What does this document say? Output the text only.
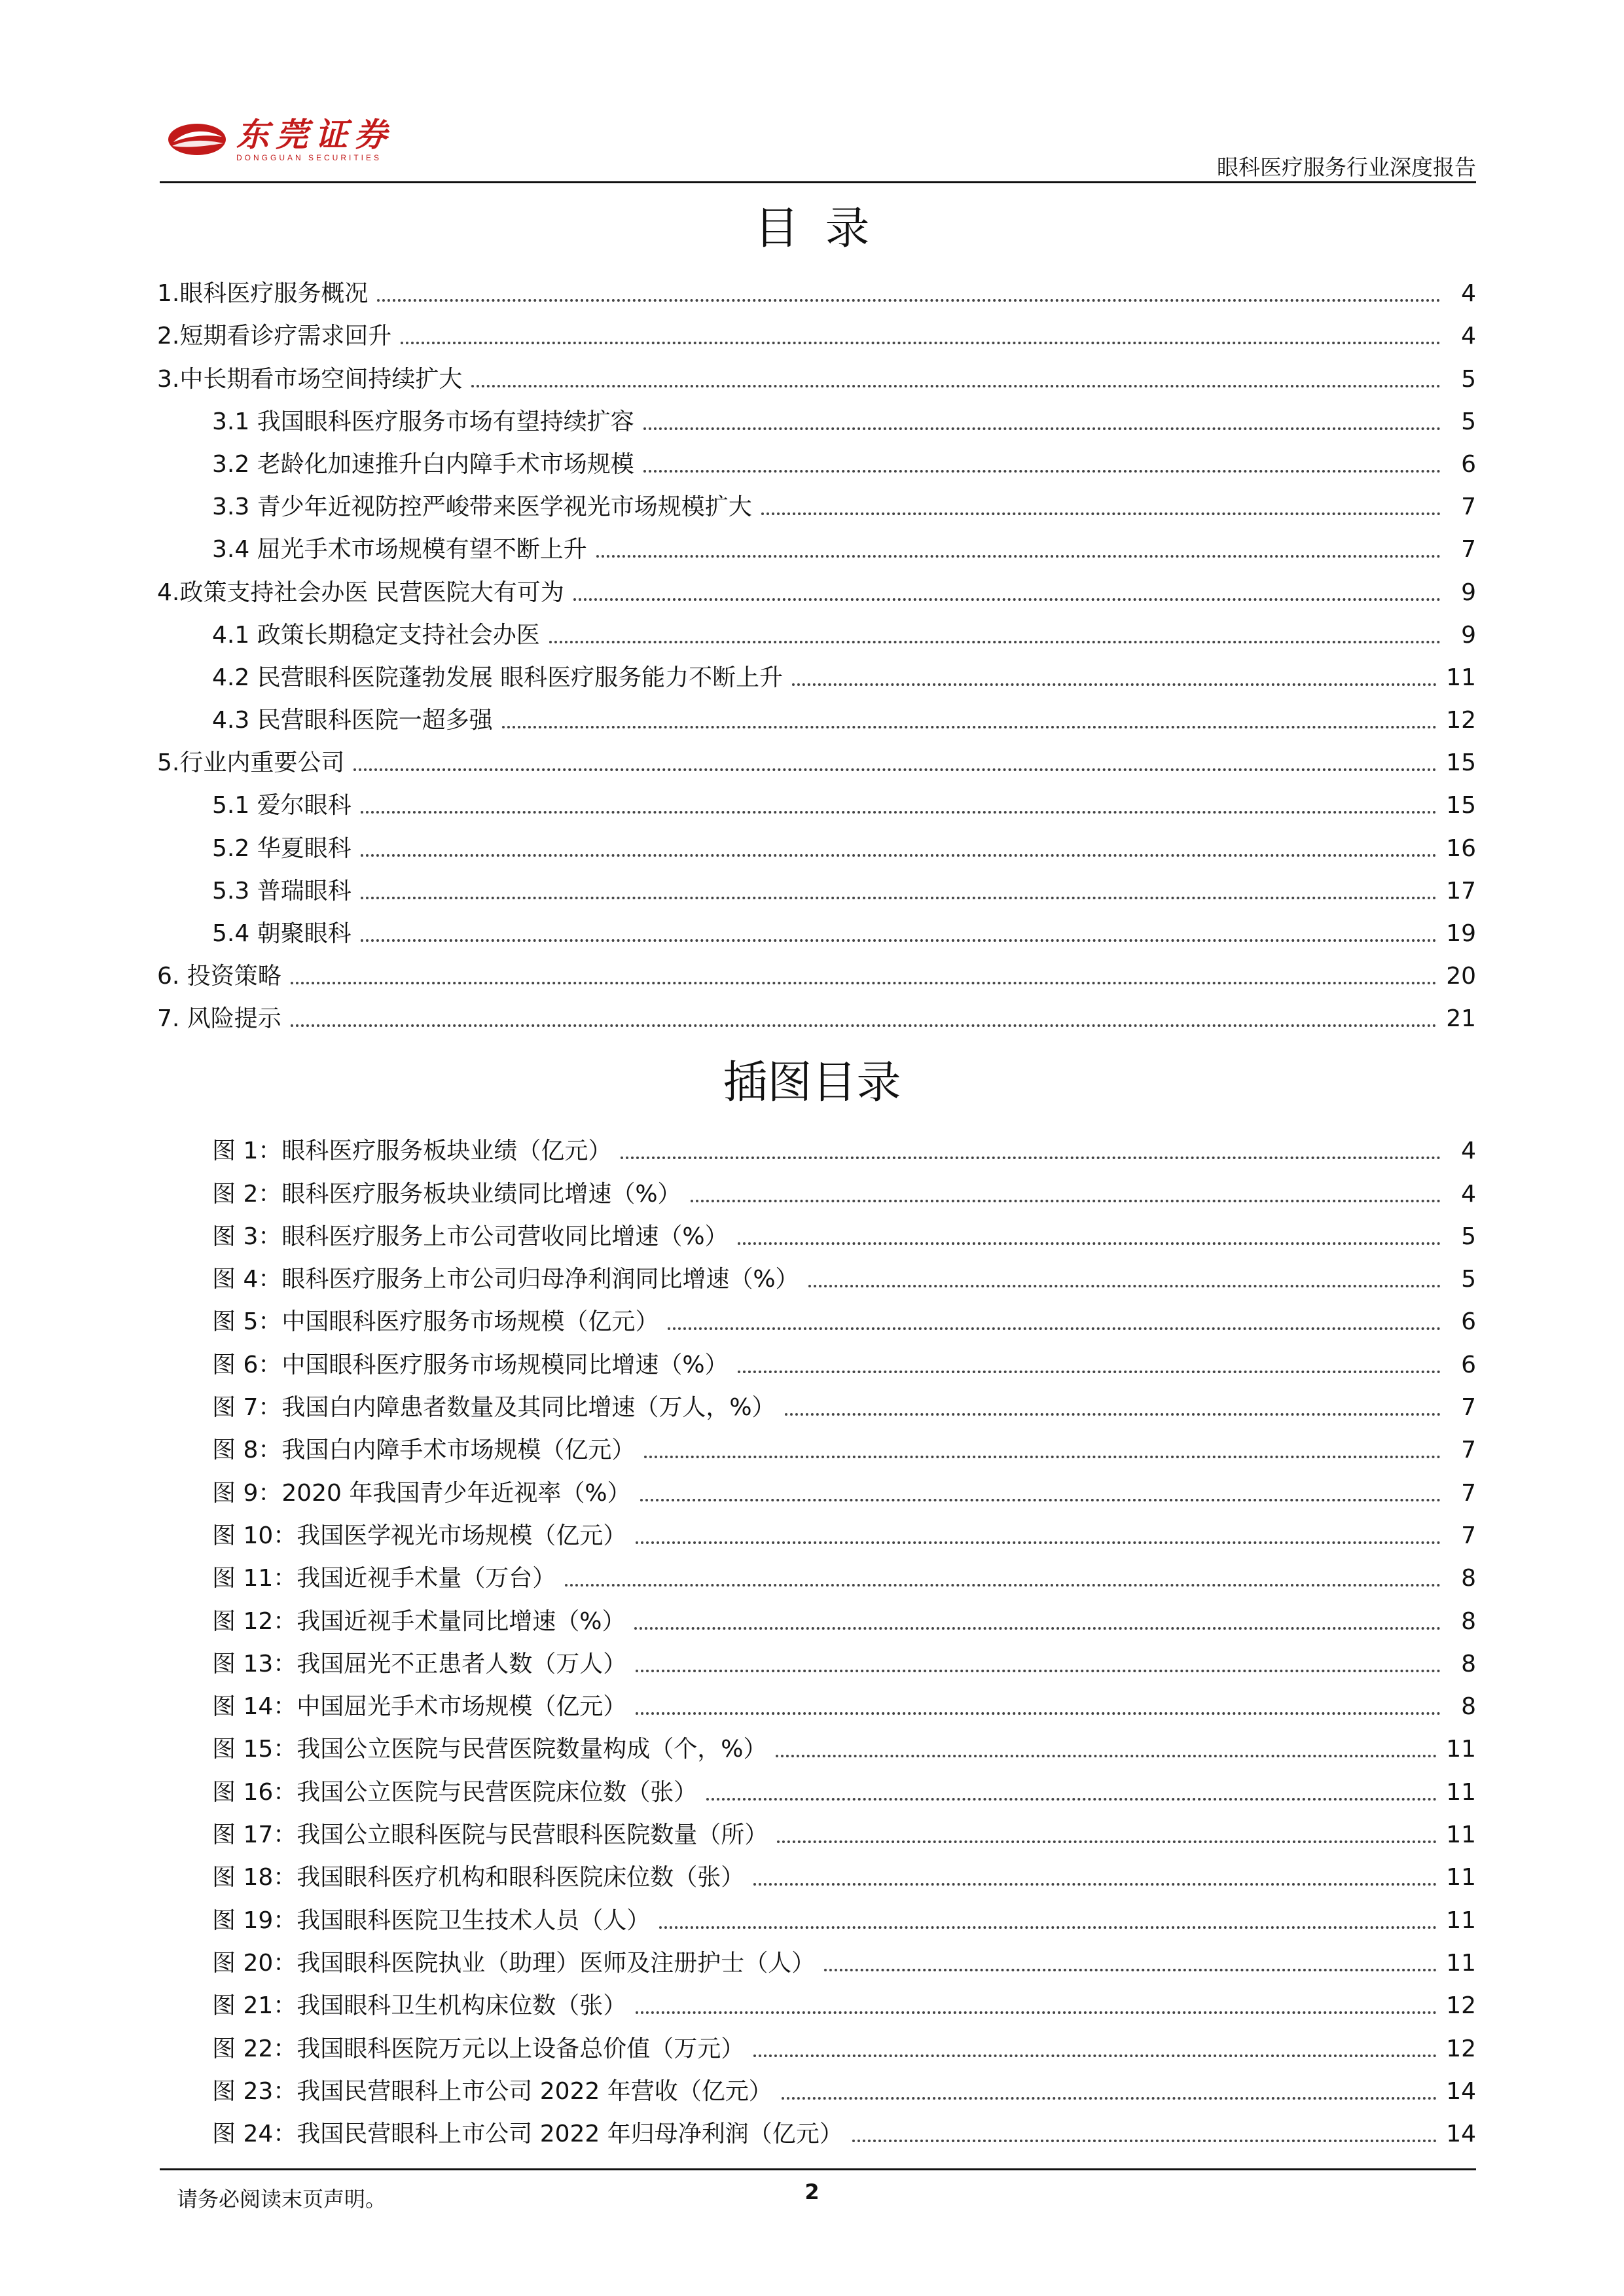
东莞证券
DONGGUAN SECURITIES	眼科医疗服务行业深度报告
目录
1.眼科医疗服务概况	4
2.短期看诊疗需求回升	4
3.中长期看市场空间持续扩大	5
3.1 我国眼科医疗服务市场有望持续扩容	5
3.2 老龄化加速推升白内障手术市场规模	6
3.3 青少年近视防控严峻带来医学视光市场规模扩大	7
3.4 屈光手术市场规模有望不断上升	7
4.政策支持社会办医 民营医院大有可为	9
4.1 政策长期稳定支持社会办医	9
4.2 民营眼科医院蓬勃发展 眼科医疗服务能力不断上升	11
4.3 民营眼科医院一超多强	12
5.行业内重要公司	15
5.1 爱尔眼科	15
5.2 华夏眼科	16
5.3 普瑞眼科	17
5.4 朝聚眼科	19
6. 投资策略	20
7. 风险提示	21
插图目录
图 1：眼科医疗服务板块业绩（亿元）	4
图 2：眼科医疗服务板块业绩同比增速（%）	4
图 3：眼科医疗服务上市公司营收同比增速（%）	5
图 4：眼科医疗服务上市公司归母净利润同比增速（%）	5
图 5：中国眼科医疗服务市场规模（亿元）	6
图 6：中国眼科医疗服务市场规模同比增速（%）	6
图 7：我国白内障患者数量及其同比增速（万人，%）	7
图 8：我国白内障手术市场规模（亿元）	7
图 9：2020 年我国青少年近视率（%）	7
图 10：我国医学视光市场规模（亿元）	7
图 11：我国近视手术量（万台）	8
图 12：我国近视手术量同比增速（%）	8
图 13：我国屈光不正患者人数（万人）	8
图 14：中国屈光手术市场规模（亿元）	8
图 15：我国公立医院与民营医院数量构成（个，%）	11
图 16：我国公立医院与民营医院床位数（张）	11
图 17：我国公立眼科医院与民营眼科医院数量（所）	11
图 18：我国眼科医疗机构和眼科医院床位数（张）	11
图 19：我国眼科医院卫生技术人员（人）	11
图 20：我国眼科医院执业（助理）医师及注册护士（人）	11
图 21：我国眼科卫生机构床位数（张）	12
图 22：我国眼科医院万元以上设备总价值（万元）	12
图 23：我国民营眼科上市公司 2022 年营收（亿元）	14
图 24：我国民营眼科上市公司 2022 年归母净利润（亿元）	14
请务必阅读末页声明。	2
